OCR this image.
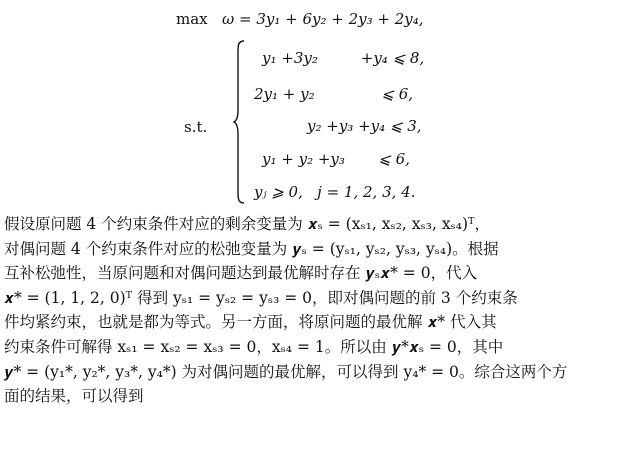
max ω = 3y₁ + 6y₂ + 2y₃ + 2y₄,
s.t.
y₁ +3y₂         +y₄ ⩽ 8,
2y₁ + y₂              ⩽ 6,
y₂ +y₃ +y₄ ⩽ 3,
y₁ + y₂ +y₃       ⩽ 6,
yⱼ ⩾ 0,   j = 1, 2, 3, 4.

假设原问题 4 个约束条件对应的剩余变量为 𝒙ₛ = (xₛ₁, xₛ₂, xₛ₃, xₛ₄)ᵀ，

对偶问题 4 个约束条件对应的松弛变量为 𝒚ₛ = (yₛ₁, yₛ₂, yₛ₃, yₛ₄)。根据

互补松弛性，当原问题和对偶问题达到最优解时存在 𝒚ₛ𝒙* = 0，代入

𝒙* = (1, 1, 2, 0)ᵀ 得到 yₛ₁ = yₛ₂ = yₛ₃ = 0，即对偶问题的前 3 个约束条

件均紧约束，也就是都为等式。另一方面，将原问题的最优解 𝒙* 代入其

约束条件可解得 xₛ₁ = xₛ₂ = xₛ₃ = 0，xₛ₄ = 1。所以由 𝒚*𝒙ₛ = 0，其中

𝒚* = (y₁*, y₂*, y₃*, y₄*) 为对偶问题的最优解，可以得到 y₄* = 0。综合这两个方

面的结果，可以得到
